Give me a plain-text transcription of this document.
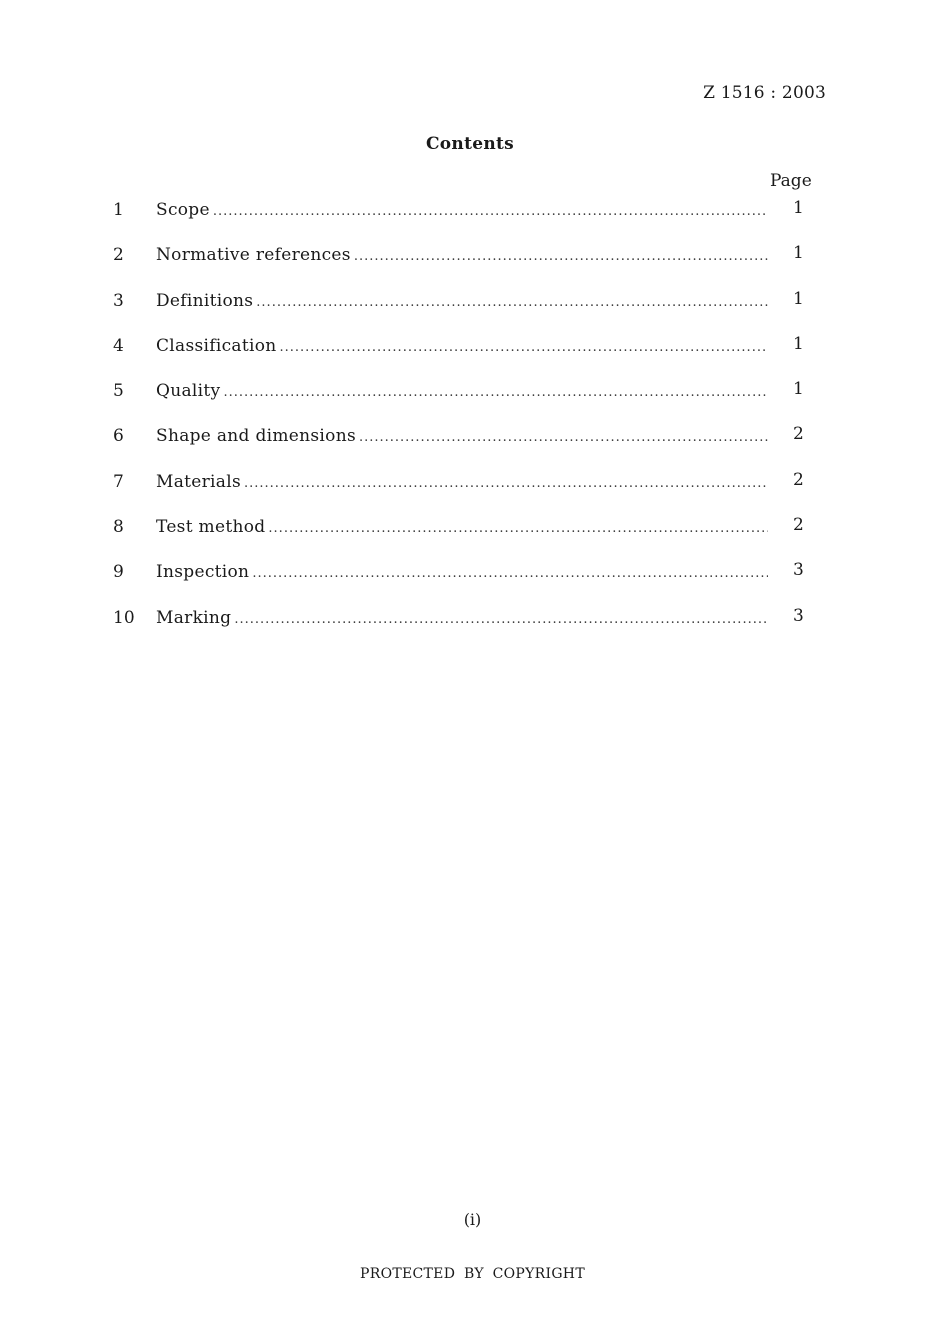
Z 1516 : 2003
Contents
Page
1	Scope .....	1
2	Normative references .....	1
3	Definitions .....	1
4	Classification .....	1
5	Quality .....	1
6	Shape and dimensions .....	2
7	Materials .....	2
8	Test method .....	2
9	Inspection .....	3
10	Marking .....	3
(i)
PROTECTED BY COPYRIGHT
